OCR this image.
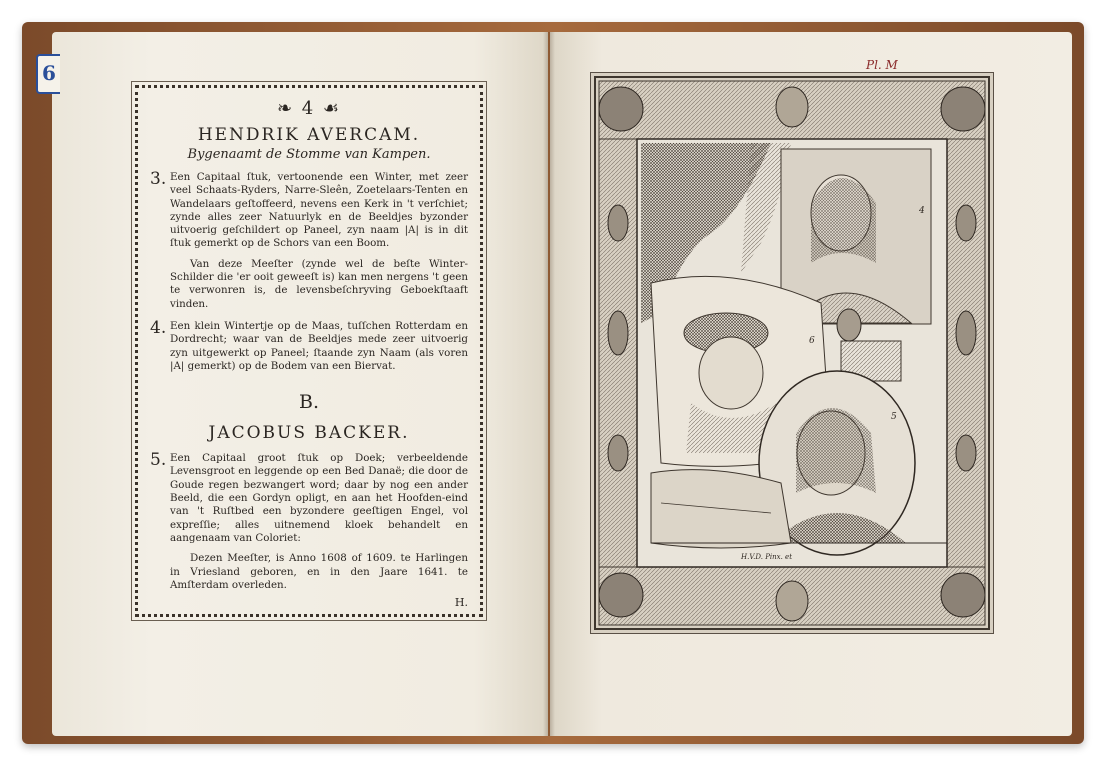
6
❧ 4 ☙
HENDRIK AVERCAM.
Bygenaamt de Stomme van Kampen.
3. Een Capitaal ſtuk, vertoonende een Winter, met zeer veel Schaats-Ryders, Narre-Sleên, Zoetelaars-Tenten en Wandelaars geſtoffeerd, nevens een Kerk in 't verſchiet; zynde alles zeer Natuurlyk en de Beeldjes byzonder uitvoerig geſchildert op Paneel, zyn naam |A| is in dit ſtuk gemerkt op de Schors van een Boom.
Van deze Meeſter (zynde wel de beſte Winter-Schilder die 'er ooit geweeſt is) kan men nergens 't geen te verwonren is, de levensbeſchryving Geboekſtaaft vinden.
4. Een klein Wintertje op de Maas, tuſſchen Rotterdam en Dordrecht; waar van de Beeldjes mede zeer uitvoerig zyn uitgewerkt op Paneel; ſtaande zyn Naam (als voren |A| gemerkt) op de Bodem van een Biervat.
B.
JACOBUS BACKER.
5. Een Capitaal groot ſtuk op Doek; verbeeldende Levensgroot en leggende op een Bed Danaë; die door de Goude regen bezwangert word; daar by nog een ander Beeld, die een Gordyn opligt, en aan het Hoofden-eind van 't Ruſtbed een byzondere geeſtigen Engel, vol expreſſie; alles uitnemend kloek behandelt en aangenaam van Coloriet:
Dezen Meeſter, is Anno 1608 of 1609. te Harlingen in Vriesland geboren, en in den Jaare 1641. te Amſterdam overleden.
H.
Pl. M
4
6
5
H.V.D. Pinx. et
